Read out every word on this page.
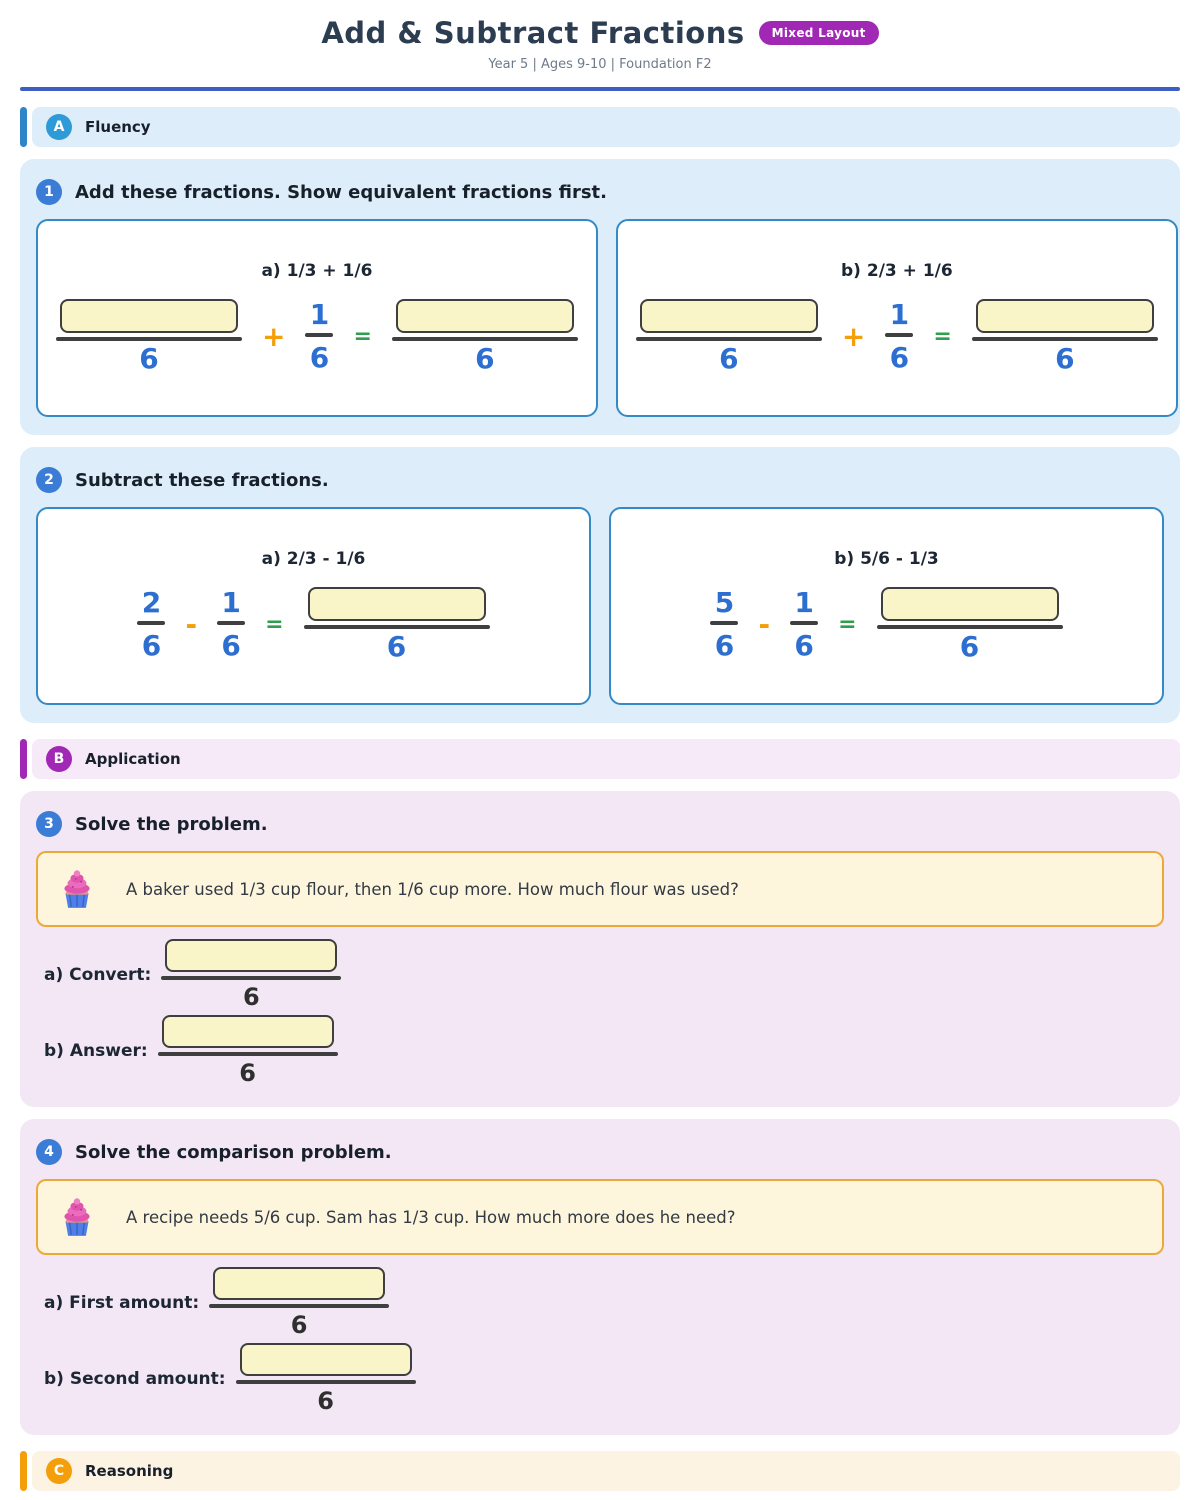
Add & Subtract Fractions	Mixed Layout
Year 5 | Ages 9-10 | Foundation F2
A	Fluency
1	Add these fractions. Show equivalent fractions first.
a) 1/3 + 1/6
6
+ $\frac{1}{6}$ =
6
b) 2/3 + 1/6
6
+ $\frac{1}{6}$ =
6
2	Subtract these fractions.
a) 2/3 - 1/6
$\frac{2}{6} - \frac{1}{6}$ =
6
b) 5/6 - 1/3
$\frac{5}{6} - \frac{1}{6}$ =
6
B	Application
3	Solve the problem.
A baker used 1/3 cup flour, then 1/6 cup more. How much flour was used?
a) Convert:
6
b) Answer:
6
4	Solve the comparison problem.
A recipe needs 5/6 cup. Sam has 1/3 cup. How much more does he need?
a) First amount:
6
b) Second amount:
6
C	Reasoning
